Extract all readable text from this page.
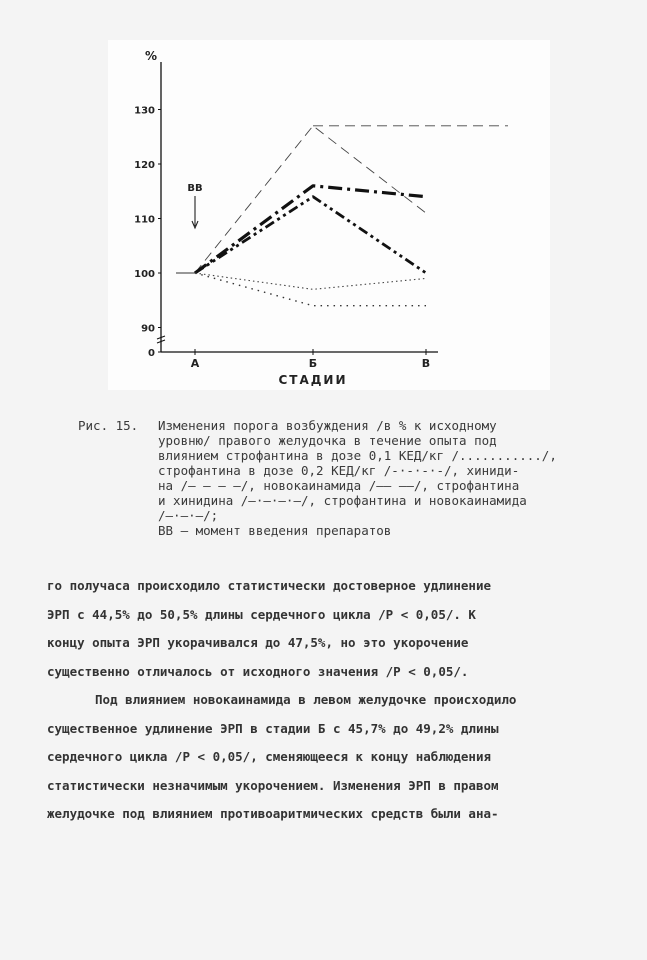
130
120
110
100
90
0
%
А	Б	В
СТАДИИ
ВВ
Рис. 15. Изменения порога возбуждения /в % к исходному
уровню/ правого желудочка в течение опыта под
влиянием строфантина в дозе 0,1 КЕД/кг /.........../,
строфантина в дозе 0,2 КЕД/кг /-·-·-·-/, хиниди-
на /– – – –/, новокаинамида /—— ——/, строфантина
и хинидина /–·–·–·–/, строфантина и новокаинамида
/—·—·—/;
ВВ – момент введения препаратов
го получаса происходило статистически достоверное удлинение
ЭРП с 44,5% до 50,5% длины сердечного цикла /Р < 0,05/. К
концу опыта ЭРП укорачивался до 47,5%, но это укорочение
существенно отличалось от исходного значения /Р < 0,05/.
Под влиянием новокаинамида в левом желудочке происходило
существенное удлинение ЭРП в стадии Б с 45,7% до 49,2% длины
сердечного цикла /Р < 0,05/, сменяющееся к концу наблюдения
статистически незначимым укорочением. Изменения ЭРП в правом
желудочке под влиянием противоаритмических средств были ана-
